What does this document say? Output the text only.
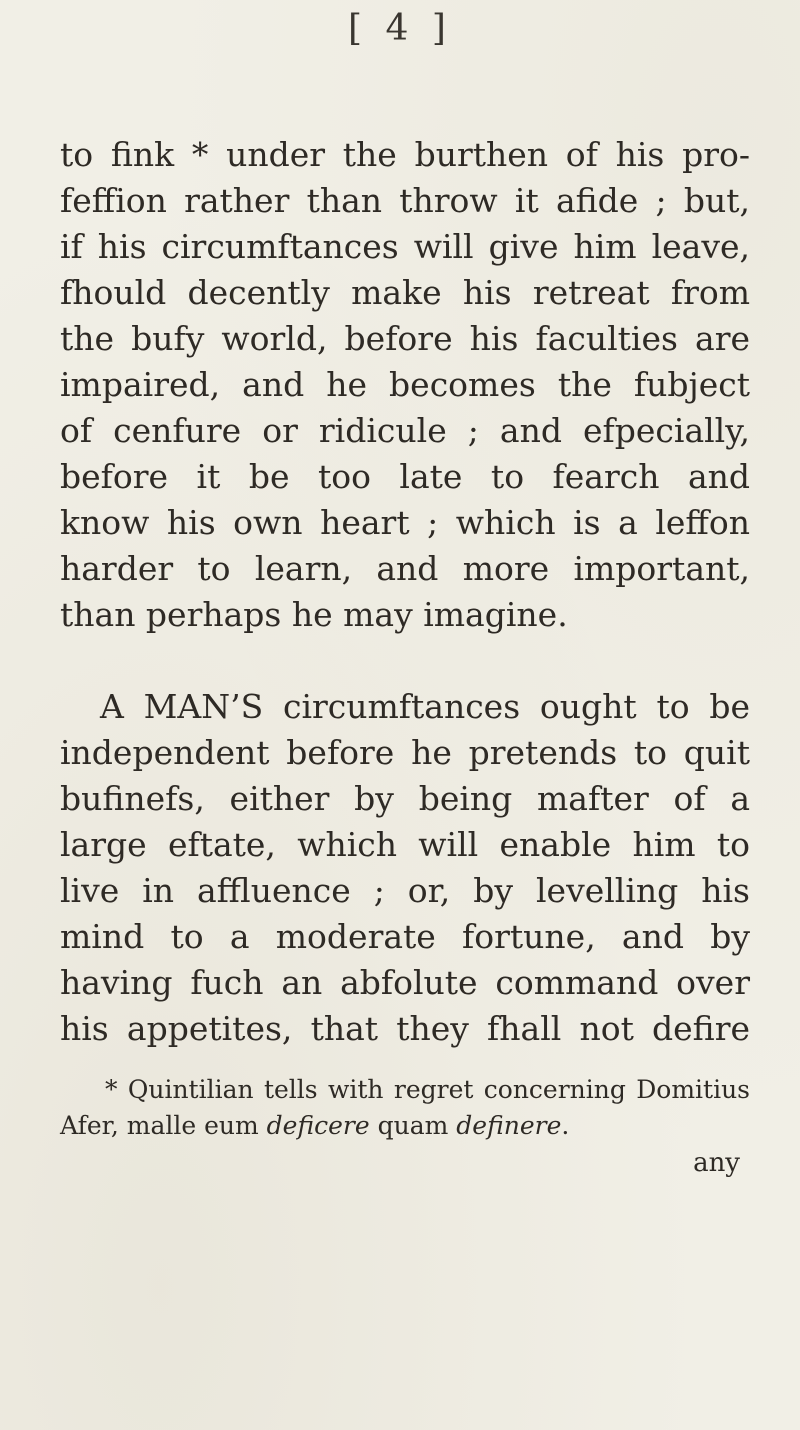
[ 4 ]
to fink * under the burthen of his pro-
feffion rather than throw it afide ; but,
if his circumftances will give him leave,
fhould decently make his retreat from
the bufy world, before his faculties are
impaired, and he becomes the fubject
of cenfure or ridicule ; and efpecially,
before it be too late to fearch and
know his own heart ; which is a leffon
harder to learn, and more important,
than perhaps he may imagine.
A MAN’S circumftances ought to be
independent before he pretends to quit
bufinefs, either by being mafter of a
large eftate, which will enable him to
live in affluence ; or, by levelling his
mind to a moderate fortune, and by
having fuch an abfolute command over
his appetites, that they fhall not defire
* Quintilian tells with regret concerning Domitius
Afer, malle eum deficere quam definere.
any
